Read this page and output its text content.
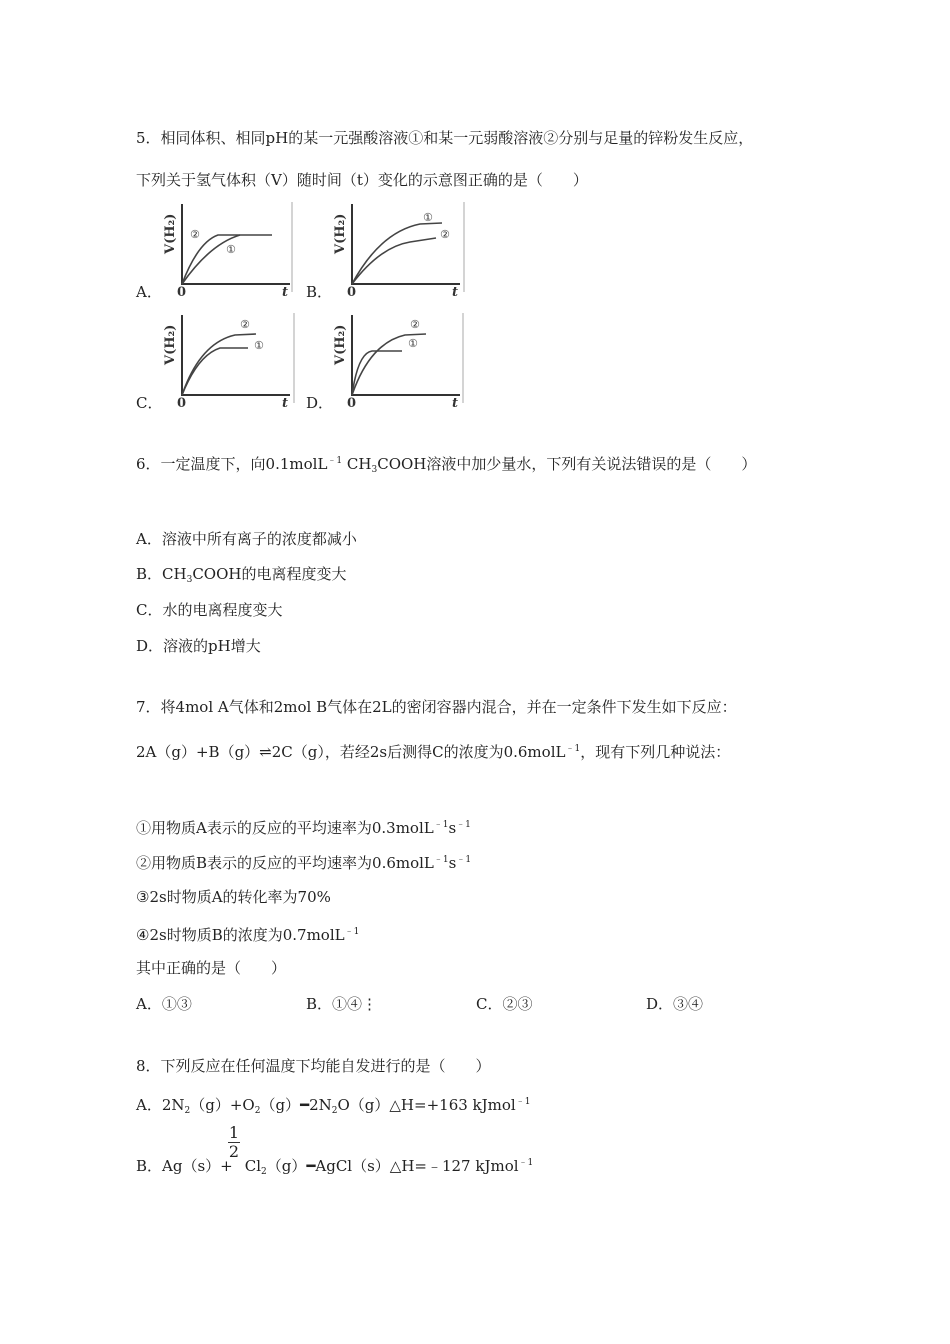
5．相同体积、相同pH的某一元强酸溶液①和某一元弱酸溶液②分别与足量的锌粉发生反应，
下列关于氢气体积（V）随时间（t）变化的示意图正确的是（　　）
A．
V(H₂)
0	t
②
①
B．
V(H₂)
0	t
①
②
C．
V(H₂)
0	t
②
①
D．
V(H₂)
0	t
②
①
6．一定温度下，向0.1molL$^{﹣1}$ $CH_3COOH$溶液中加少量水，下列有关说法错误的是（　　）
A．溶液中所有离子的浓度都减小
B．$CH_3COOH$的电离程度变大
C．水的电离程度变大
D．溶液的pH增大
7．将4mol A气体和2mol B气体在2L的密闭容器内混合，并在一定条件下发生如下反应：
2A（g）+B（g）⇌2C（g），若经2s后测得C的浓度为0.6molL$^{﹣1}$，现有下列几种说法：
①用物质A表示的反应的平均速率为$0.3molL^{﹣1}s^{﹣1}$
②用物质B表示的反应的平均速率为$0.6molL^{﹣1}s^{﹣1}$
③2s时物质A的转化率为70%
④2s时物质B的浓度为0.7molL$^{﹣1}$
其中正确的是（　　）
A．①③	B．①④⋮	C．②③	D．③④
8．下列反应在任何温度下均能自发进行的是（　　）
A．$2N_2(g)+O_2(g)━2N_2O(g)\triangle H=+163$ kJmol$^{﹣1}$
1
2
B．$Ag(s)+ Cl_2(g)━AgCl(s)\triangle H=﹣127$ kJmol$^{﹣1}$
